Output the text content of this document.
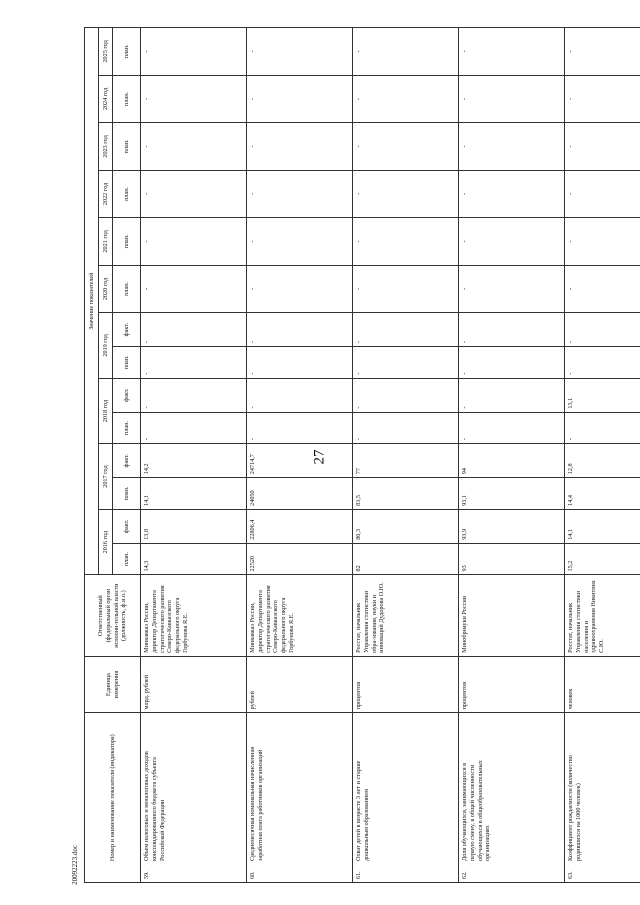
27
20092223.doc
Номер и наименование показателя (индикатора)	Единица измерения	Ответственный (федеральный орган исполни-тельной власти (должность, ф.и.о.)	Значение показателей													
			2016 год		2017 год		2018 год		2019 год		2020 год	2021 год	2022 год	2023 год	2024 год	2025 год
			план.	факт.	план.	факт.	план.	факт.	план.	факт.	план.	план.	план.	план.	план.	план.
59.Объем налоговых и неналоговых доходов консолидированного бюджета субъекта Российской Федерации	млрд. рублей	Минкавказ России, директор Департамента стратегического развития Северо-Кавказского федерального округа Горбунова Я.Е.	14,3	13,8	14,1	14,2	-	-	-	-	-	-	-	-	-	-
60.Среднемесячная номинальная начисленная заработная плата работников организаций	рублей	Минкавказ России, директор Департамента стратегического развития Северо-Кавказского федерального округа Горбунова Я.Е.	22520	22806,4	24050	24714,7	-	-	-	-	-	-	-	-	-	-
61.Охват детей в возрасте 3 лет и старше дошкольным образованием	процентов	Росстат, начальник Управления статистики обра-зования, науки и инноваций Дудорова О.Ю.	82	80,3	83,5	77	-	-	-	-	-	-	-	-	-	-
62.Доля обучающихся, занимающихся в первую смену, в общей численности обучающихся в общеобразовательных организациях	процентов	Минобрнауки России	93	93,9	93,1	94	-	-	-	-	-	-	-	-	-	-
63.Коэффициент рождаемости (количество родившихся на 1000 человек)	человек	Росстат, начальник Управления статистики населения и здравоохранения Никитина С.Ю.	15,2	14,1	14,4	12,8	-	13,1	-	-	-	-	-	-	-	-
